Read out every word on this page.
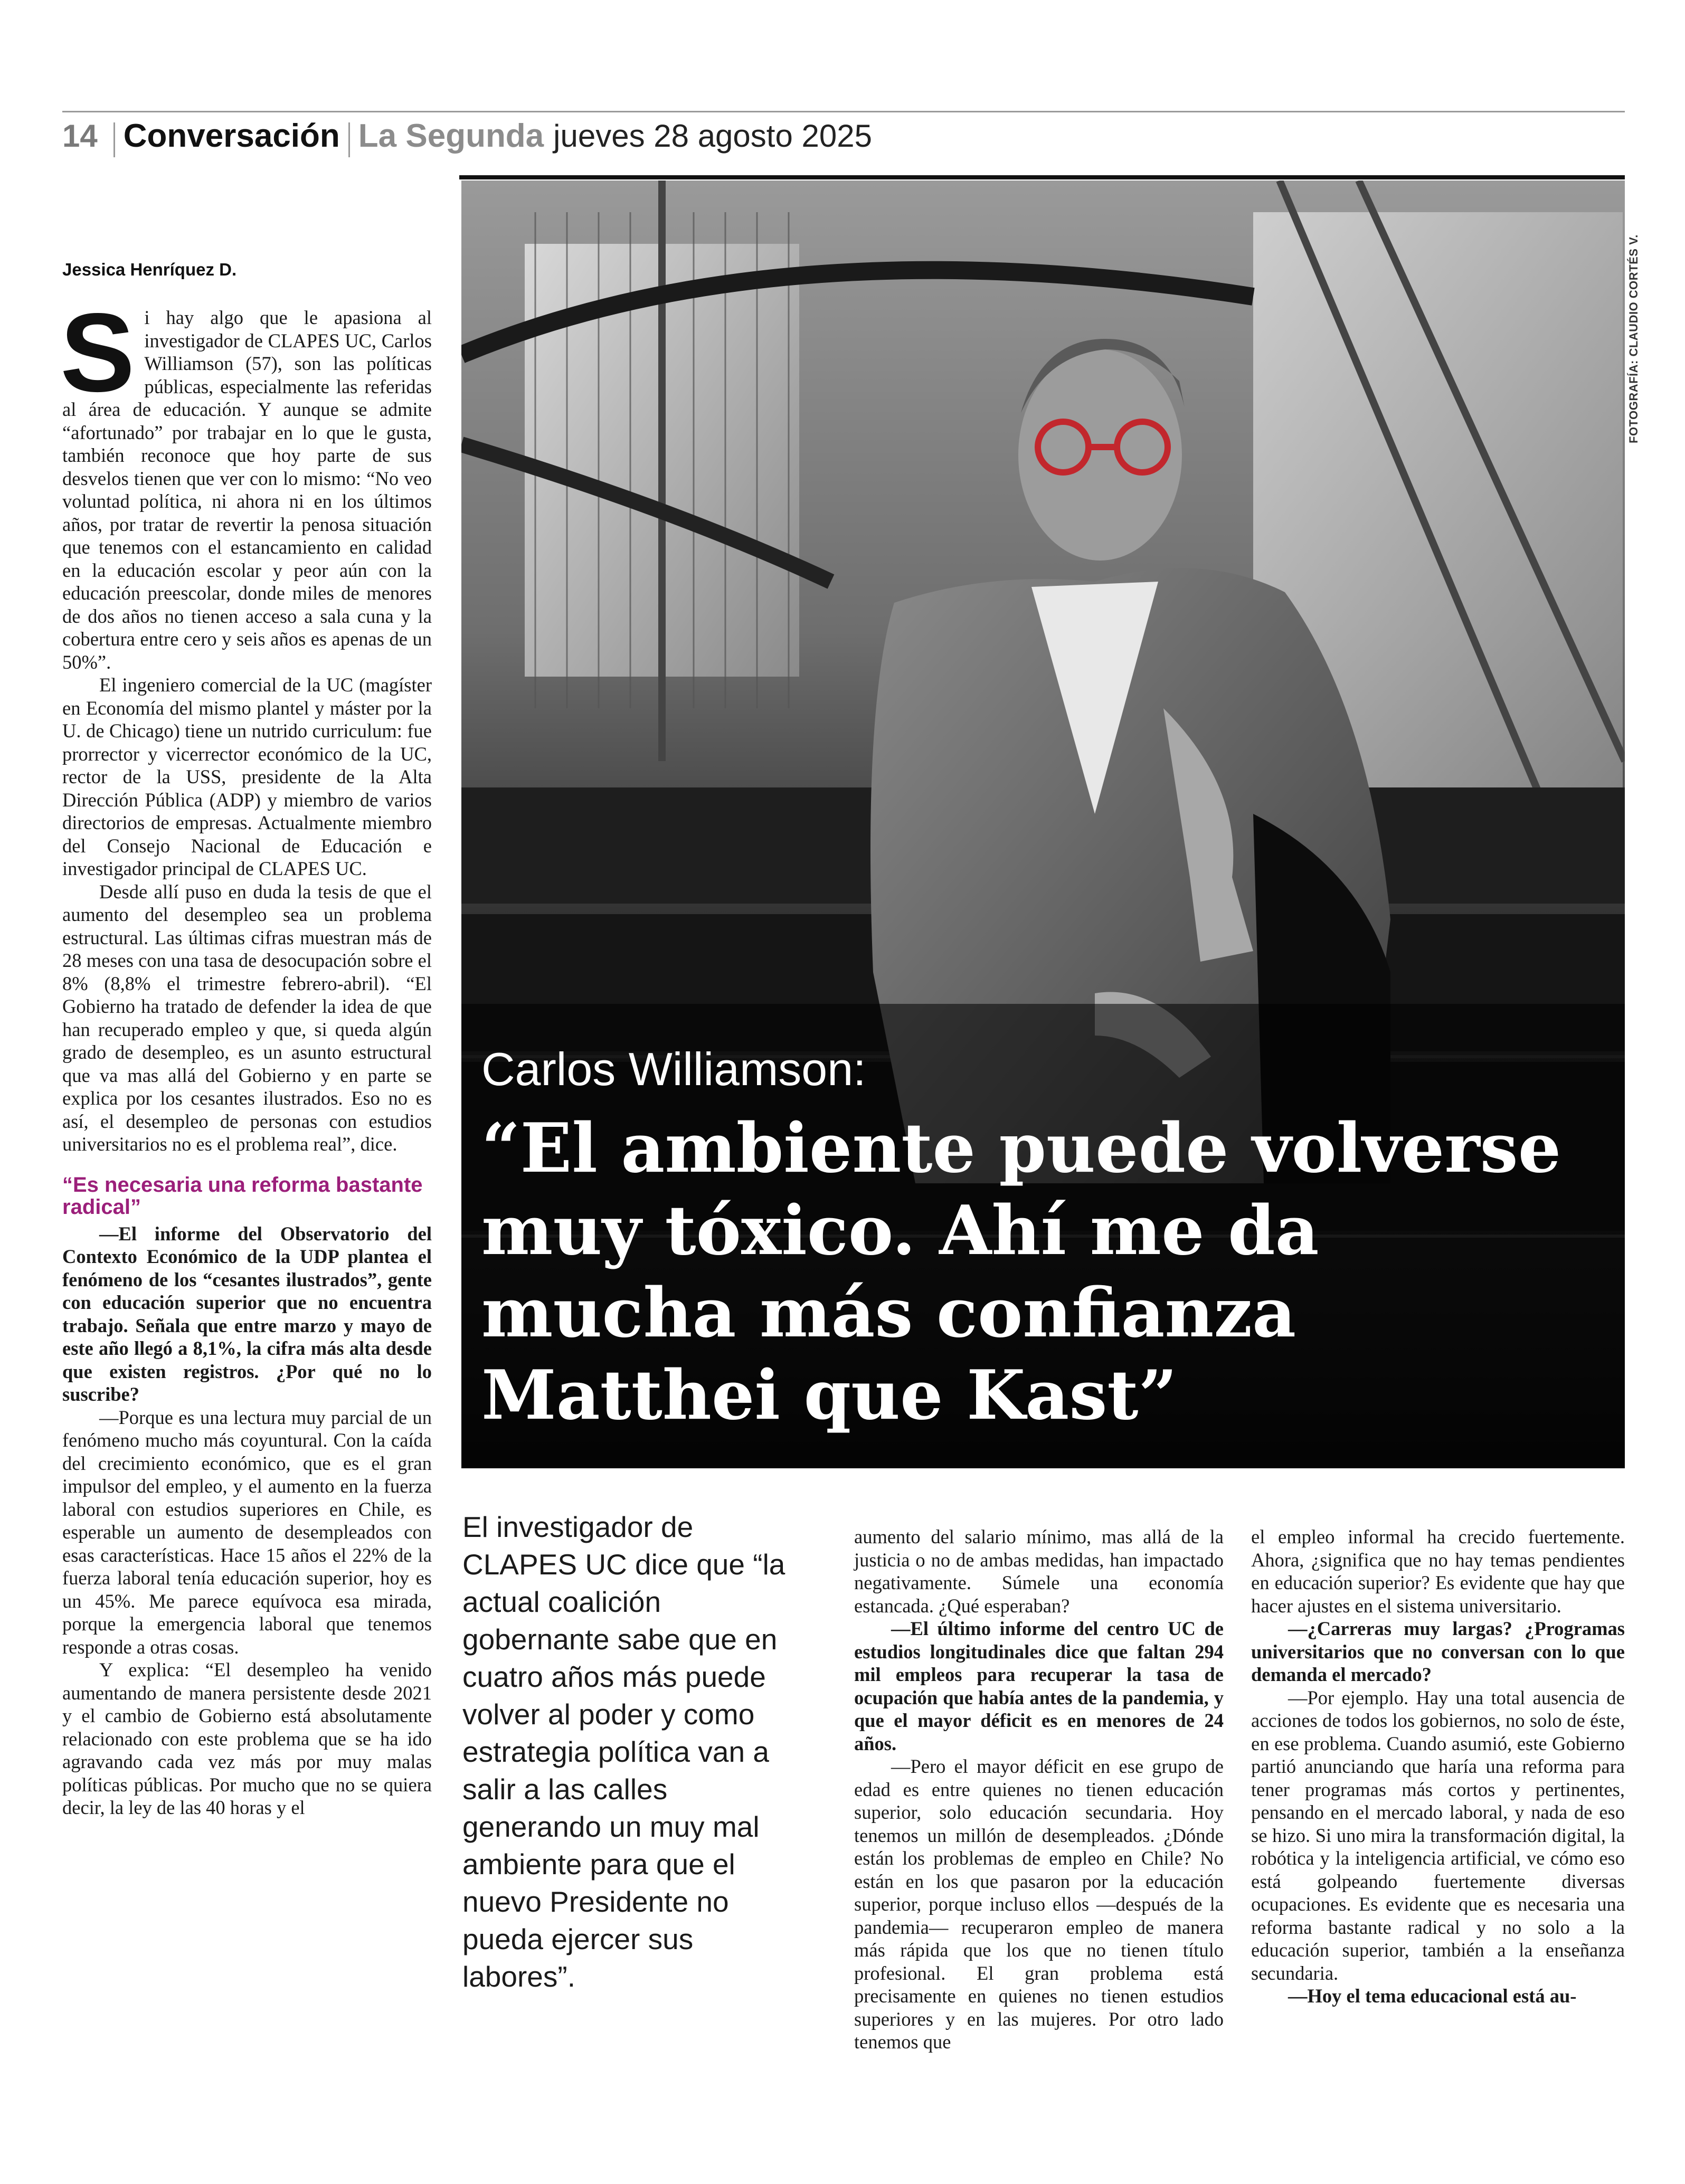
14 Conversación La Segunda jueves 28 agosto 2025
Jessica Henríquez D.

Si hay algo que le apasiona al investigador de CLAPES UC, Carlos Williamson (57), son las políticas públicas, especialmente las referidas al área de educación. Y aunque se admite “afortunado” por trabajar en lo que le gusta, también reconoce que hoy parte de sus desvelos tienen que ver con lo mismo: “No veo voluntad política, ni ahora ni en los últimos años, por tratar de revertir la penosa situación que tenemos con el estancamiento en calidad en la educación escolar y peor aún con la educación preescolar, donde miles de menores de dos años no tienen acceso a sala cuna y la cobertura entre cero y seis años es apenas de un 50%”.

El ingeniero comercial de la UC (magíster en Economía del mismo plantel y máster por la U. de Chicago) tiene un nutrido curriculum: fue prorrector y vicerrector económico de la UC, rector de la USS, presidente de la Alta Dirección Pública (ADP) y miembro de varios directorios de empresas. Actualmente miembro del Consejo Nacional de Educación e investigador principal de CLAPES UC.

Desde allí puso en duda la tesis de que el aumento del desempleo sea un problema estructural. Las últimas cifras muestran más de 28 meses con una tasa de desocupación sobre el 8% (8,8% el trimestre febrero-abril). “El Gobierno ha tratado de defender la idea de que han recuperado empleo y que, si queda algún grado de desempleo, es un asunto estructural que va mas allá del Gobierno y en parte se explica por los cesantes ilustrados. Eso no es así, el desempleo de personas con estudios universitarios no es el problema real”, dice.

“Es necesaria una reforma bastante radical”

—El informe del Observatorio del Contexto Económico de la UDP plantea el fenómeno de los “cesantes ilustrados”, gente con educación superior que no encuentra trabajo. Señala que entre marzo y mayo de este año llegó a 8,1%, la cifra más alta desde que existen registros. ¿Por qué no lo suscribe?

—Porque es una lectura muy parcial de un fenómeno mucho más coyuntural. Con la caída del crecimiento económico, que es el gran impulsor del empleo, y el aumento en la fuerza laboral con estudios superiores en Chile, es esperable un aumento de desempleados con esas características. Hace 15 años el 22% de la fuerza laboral tenía educación superior, hoy es un 45%. Me parece equívoca esa mirada, porque la emergencia laboral que tenemos responde a otras cosas.

Y explica: “El desempleo ha venido aumentando de manera persistente desde 2021 y el cambio de Gobierno está absolutamente relacionado con este problema que se ha ido agravando cada vez más por muy malas políticas públicas. Por mucho que no se quiera decir, la ley de las 40 horas y el

FOTOGRAFÍA: CLAUDIO CORTÉS V.
Carlos Williamson:
“El ambiente puede volverse muy tóxico. Ahí me da mucha más confianza Matthei que Kast”
El investigador de CLAPES UC dice que “la actual coalición gobernante sabe que en cuatro años más puede volver al poder y como estrategia política van a salir a las calles generando un muy mal ambiente para que el nuevo Presidente no pueda ejercer sus labores”.

aumento del salario mínimo, mas allá de la justicia o no de ambas medidas, han impactado negativamente. Súmele una economía estancada. ¿Qué esperaban?

—El último informe del centro UC de estudios longitudinales dice que faltan 294 mil empleos para recuperar la tasa de ocupación que había antes de la pandemia, y que el mayor déficit es en menores de 24 años.

—Pero el mayor déficit en ese grupo de edad es entre quienes no tienen educación superior, solo educación secundaria. Hoy tenemos un millón de desempleados. ¿Dónde están los problemas de empleo en Chile? No están en los que pasaron por la educación superior, porque incluso ellos —después de la pandemia— recuperaron empleo de manera más rápida que los que no tienen título profesional. El gran problema está precisamente en quienes no tienen estudios superiores y en las mujeres. Por otro lado tenemos que

el empleo informal ha crecido fuertemente. Ahora, ¿significa que no hay temas pendientes en educación superior? Es evidente que hay que hacer ajustes en el sistema universitario.

—¿Carreras muy largas? ¿Programas universitarios que no conversan con lo que demanda el mercado?

—Por ejemplo. Hay una total ausencia de acciones de todos los gobiernos, no solo de éste, en ese problema. Cuando asumió, este Gobierno partió anunciando que haría una reforma para tener programas más cortos y pertinentes, pensando en el mercado laboral, y nada de eso se hizo. Si uno mira la transformación digital, la robótica y la inteligencia artificial, ve cómo eso está golpeando fuertemente diversas ocupaciones. Es evidente que es necesaria una reforma bastante radical y no solo a la educación superior, también a la enseñanza secundaria.

—Hoy el tema educacional está au-
